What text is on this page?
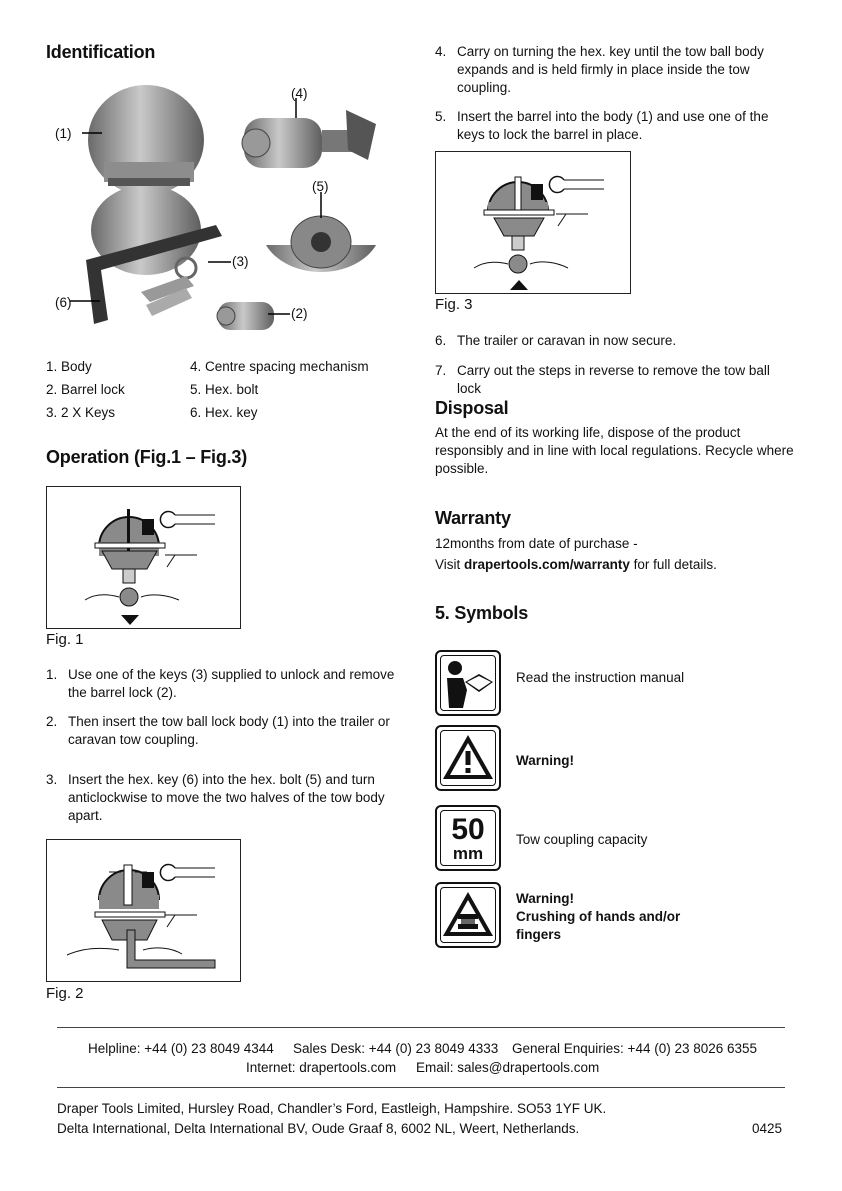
Identification
(1)
(4)
(5)
(3)
(6)
(2)
1. Body
2. Barrel lock
3. 2 X Keys
4. Centre spacing mechanism
5. Hex. bolt
6. Hex. key
Operation (Fig.1 – Fig.3)
Fig. 1
1. Use one of the keys (3) supplied to unlock and remove the barrel lock (2).
2. Then insert the tow ball lock body (1) into the trailer or caravan tow coupling.
3. Insert the hex. key (6) into the hex. bolt (5) and turn anticlockwise to move the two halves of the tow body apart.
Fig. 2
4. Carry on turning the hex. key until the tow ball body expands and is held firmly in place inside the tow coupling.
5. Insert the barrel into the body (1) and use one of the keys to lock the barrel in place.
Fig. 3
6. The trailer or caravan in now secure.
7. Carry out the steps in reverse to remove the tow ball lock
Disposal
At the end of its working life, dispose of the product responsibly and in line with local regulations. Recycle where possible.
Warranty
12months from date of purchase -
Visit drapertools.com/warranty for full details.
5. Symbols
Read the instruction manual
Warning!
50
mm
Tow coupling capacity
Warning!
Crushing of hands and/or
fingers
Helpline: +44 (0) 23 8049 4344 Sales Desk: +44 (0) 23 8049 4333 General Enquiries: +44 (0) 23 8026 6355
Internet: drapertools.com Email: sales@drapertools.com
Draper Tools Limited, Hursley Road, Chandler’s Ford, Eastleigh, Hampshire. SO53 1YF UK.
Delta International, Delta International BV, Oude Graaf 8, 6002 NL, Weert, Netherlands.	0425
